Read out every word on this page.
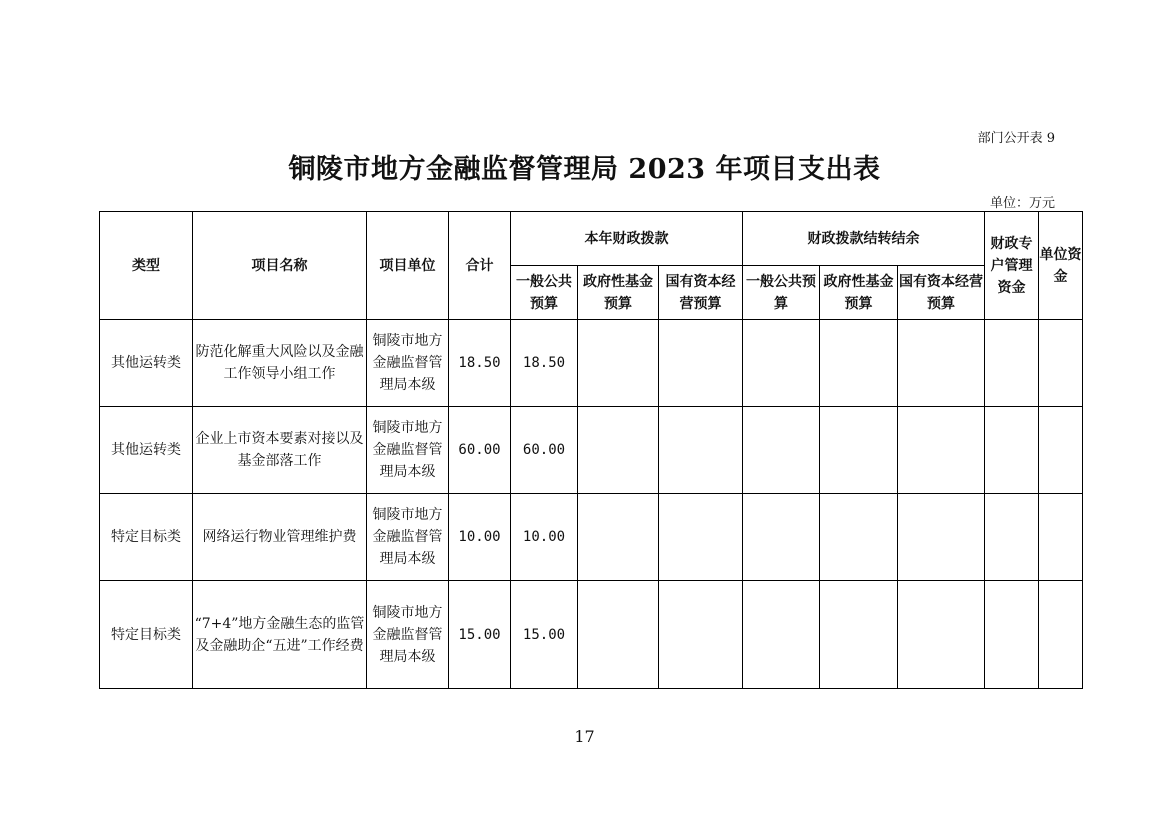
部门公开表 9
铜陵市地方金融监督管理局 2023 年项目支出表
单位：万元
类型	项目名称	项目单位	合计	本年财政拨款			财政拨款结转结余			财政专户管理资金	单位资金
				一般公共预算	政府性基金预算	国有资本经营预算	一般公共预算	政府性基金预算	国有资本经营预算		
其他运转类	防范化解重大风险以及金融工作领导小组工作	铜陵市地方金融监督管理局本级	18.50	18.50							
其他运转类	企业上市资本要素对接以及基金部落工作	铜陵市地方金融监督管理局本级	60.00	60.00							
特定目标类	网络运行物业管理维护费	铜陵市地方金融监督管理局本级	10.00	10.00							
特定目标类	“7+4”地方金融生态的监管及金融助企“五进”工作经费	铜陵市地方金融监督管理局本级	15.00	15.00							
17
